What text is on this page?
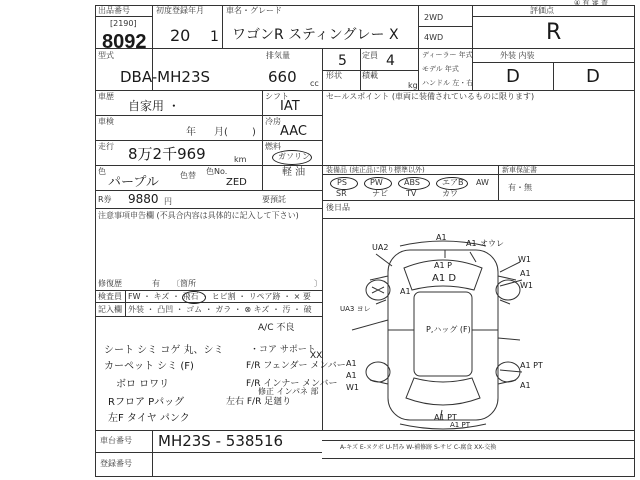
出品番号
[2190]
8092
初度登録年月
20 1
車名・グレード
ワゴンR スティングレー X
2WD
4WD
評価点
R
型式
DBA-MH23S
排気量
660 cc
5 定員 4
積載
形状
kg
ディーラー 年式
モデル 年式
ハンドル 左・右
外装 内装
D	D
車歴
自家用 ・
シフト
IAT
車検
年 月( )
冷房
AAC
走行 8万2千969	km
燃料
ガソリン
軽 油
色
パープル	色替 色No.
ZED
R券 9880 円	要預託
注意事項申告欄 (不具合内容は具体的に記入して下さい)
修復歴	有 〔箇所	〕
検査員 FW ・ キズ ・ 飛石 ・ ヒビ割 ・ リペア跡 ・ × 要
記入欄 外装 ・ 凸凹 ・ ゴム ・ ガラ ・ ⊗ キズ ・ 汚 ・ 破
A/C 不良
シート シミ コゲ 丸、シミ	・コア サポート
XX
カーペット シミ (F)	F/R フェンダー メンバー
ボロ ロワリ	F/R インナー メンバー
Rフロア Pパッグ	左右 F/R 足廻り
修正 インパネ 部
左F タイヤ パンク
車台番号 MH23S - 538516
登録番号
セールスポイント (車両に装備されているものに限ります)
装備品 (純正品に限り標準以外)	新車保証書
PS	PW	ABS	エアB AW
SR	ナビ TV	カワ
有・無
後日品
UA2
A1
A1 オウレ
W1
A1 P
A1
W1
A1
A1 D
UA3 ヨレ
P,ハッグ (F)
A1
A1
W1
A1 PT
A1
A1 PT
A1 PT
A-キズ E-ヌクボ U-凹み W-補修跡 S-サビ C-腐食 XX-交換
④ 有 審 査
